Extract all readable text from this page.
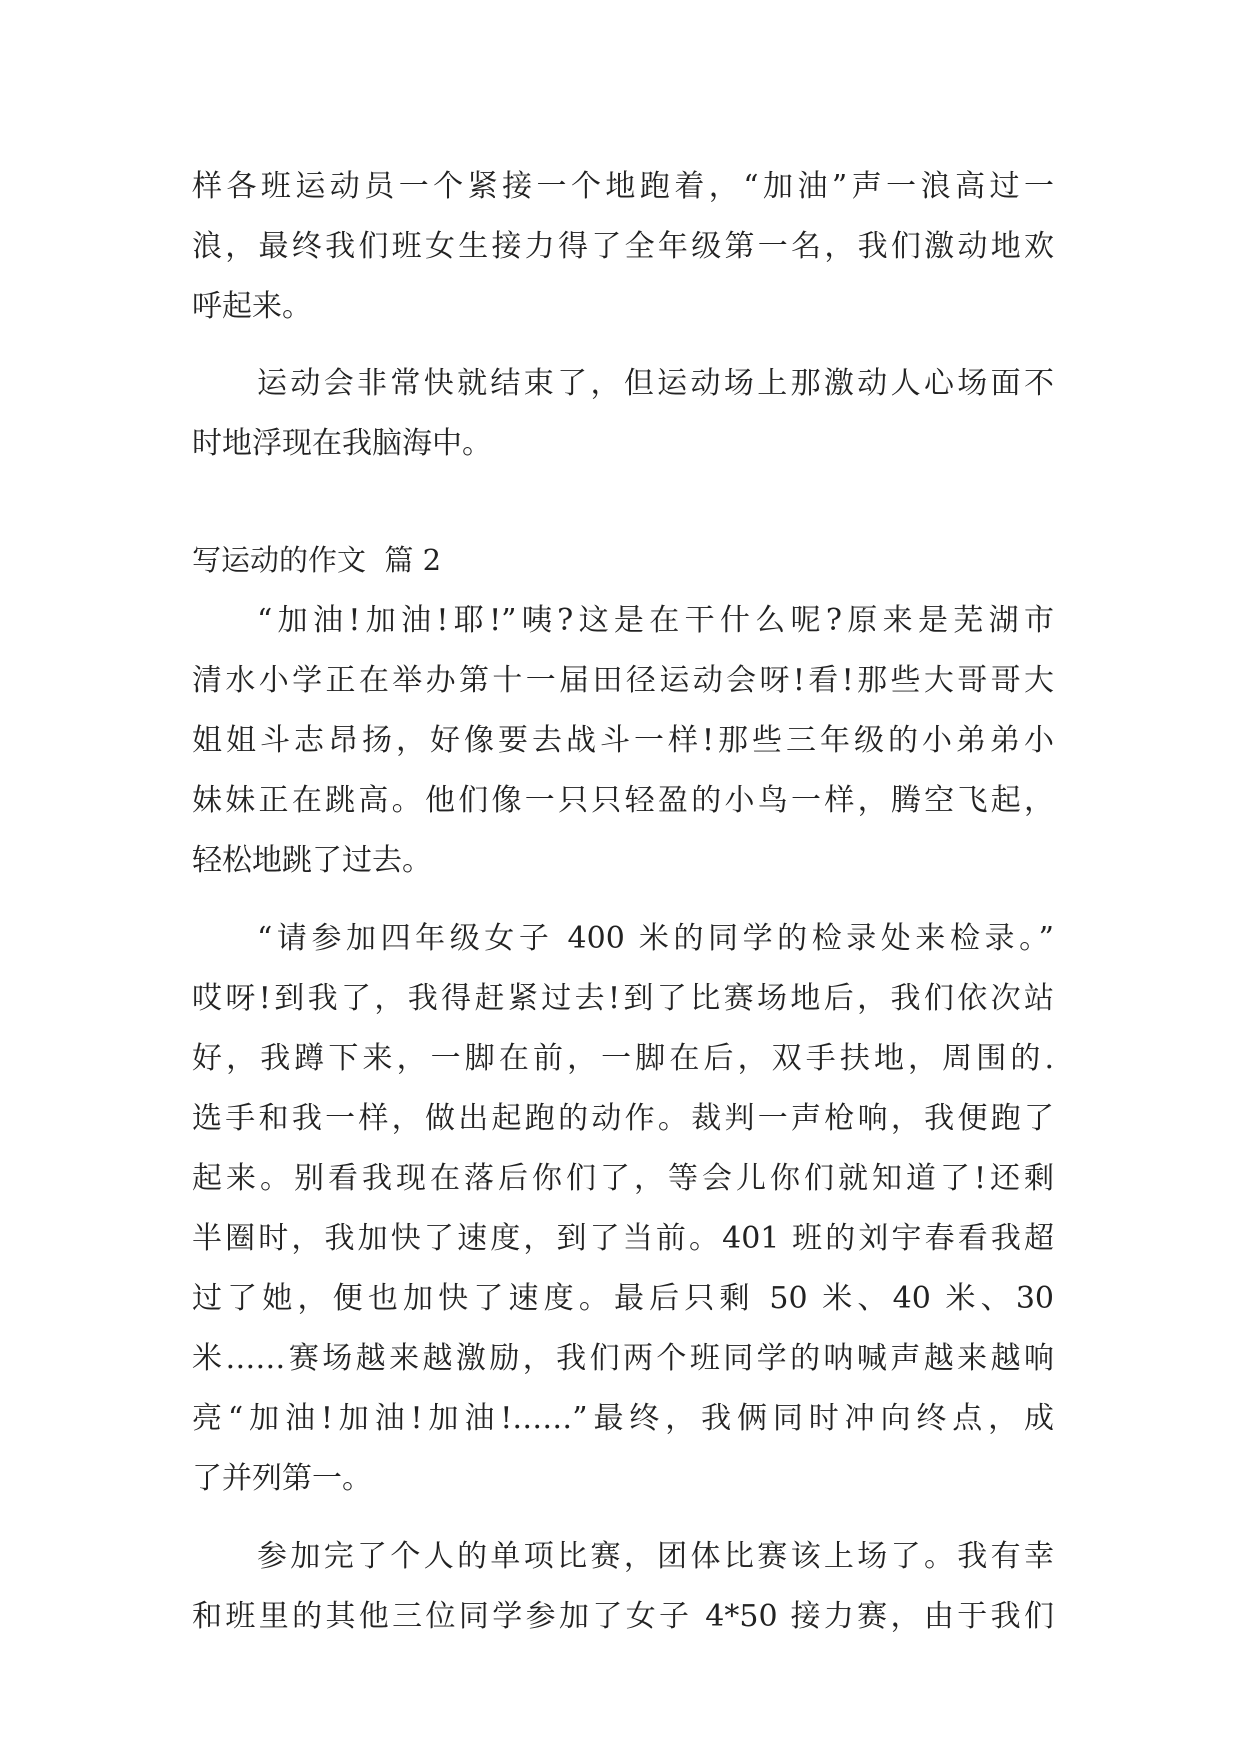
样各班运动员一个紧接一个地跑着，“加油”声一浪高过一
浪，最终我们班女生接力得了全年级第一名，我们激动地欢
呼起来。
运动会非常快就结束了，但运动场上那激动人心场面不
时地浮现在我脑海中。
写运动的作文  篇 2
“加油!加油!耶!”咦?这是在干什么呢?原来是芜湖市
清水小学正在举办第十一届田径运动会呀!看!那些大哥哥大
姐姐斗志昂扬，好像要去战斗一样!那些三年级的小弟弟小
妹妹正在跳高。他们像一只只轻盈的小鸟一样，腾空飞起，
轻松地跳了过去。
“请参加四年级女子 400 米的同学的检录处来检录。”
哎呀!到我了，我得赶紧过去!到了比赛场地后，我们依次站
好，我蹲下来，一脚在前，一脚在后，双手扶地，周围的.
选手和我一样，做出起跑的动作。裁判一声枪响，我便跑了
起来。别看我现在落后你们了，等会儿你们就知道了!还剩
半圈时，我加快了速度，到了当前。401 班的刘宇春看我超
过了她，便也加快了速度。最后只剩 50 米、40 米、30
米……赛场越来越激励，我们两个班同学的呐喊声越来越响
亮“加油!加油!加油!……”最终，我俩同时冲向终点，成
了并列第一。
参加完了个人的单项比赛，团体比赛该上场了。我有幸
和班里的其他三位同学参加了女子 4*50 接力赛，由于我们
